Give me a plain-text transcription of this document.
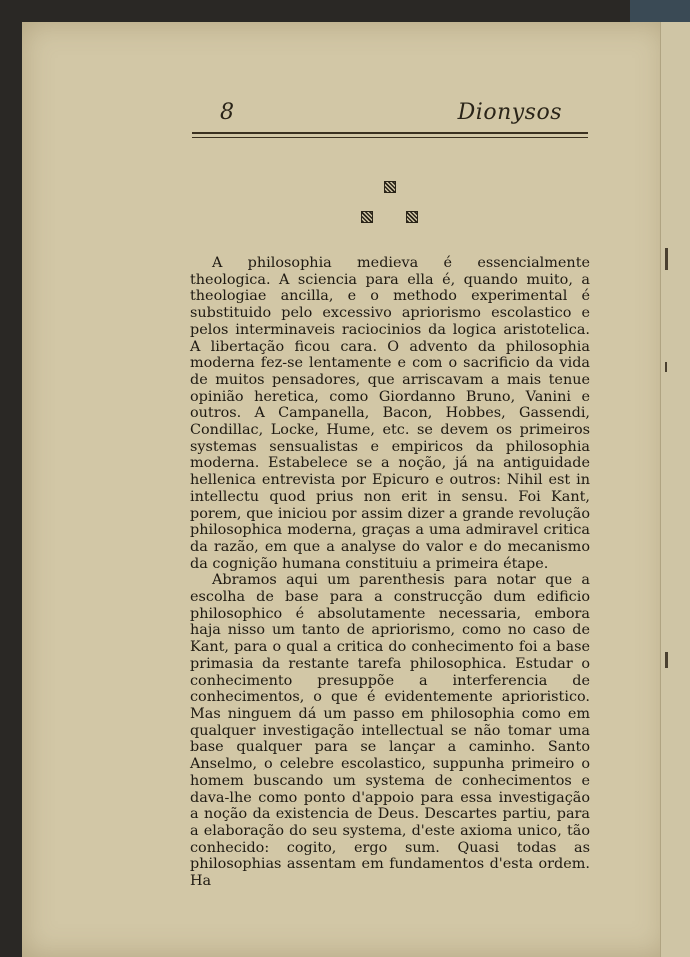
8	Dionysos

A philosophia medieva é essencialmente theologica. A sciencia para ella é, quando muito, a theologiae ancilla, e o methodo experimental é substituido pelo excessivo apriorismo escolastico e pelos interminaveis raciocinios da logica aristotelica. A libertação ficou cara. O advento da philosophia moderna fez-se lentamente e com o sacrificio da vida de muitos pensadores, que arriscavam a mais tenue opinião heretica, como Giordanno Bruno, Vanini e outros. A Campanella, Bacon, Hobbes, Gassendi, Condillac, Locke, Hume, etc. se devem os primeiros systemas sensualistas e empiricos da philosophia moderna. Estabelece se a noção, já na antiguidade hellenica entrevista por Epicuro e outros: Nihil est in intellectu quod prius non erit in sensu. Foi Kant, porem, que iniciou por assim dizer a grande revolução philosophica moderna, graças a uma admiravel critica da razão, em que a analyse do valor e do mecanismo da cognição humana constituiu a primeira étape.

Abramos aqui um parenthesis para notar que a escolha de base para a construcção dum edificio philosophico é absolutamente necessaria, embora haja nisso um tanto de apriorismo, como no caso de Kant, para o qual a critica do conhecimento foi a base primasia da restante tarefa philosophica. Estudar o conhecimento presuppõe a interferencia de conhecimentos, o que é evidentemente aprioristico. Mas ninguem dá um passo em philosophia como em qualquer investigação intellectual se não tomar uma base qualquer para se lançar a caminho. Santo Anselmo, o celebre escolastico, suppunha primeiro o homem buscando um systema de conhecimentos e dava-lhe como ponto d'appoio para essa investigação a noção da existencia de Deus. Descartes partiu, para a elaboração do seu systema, d'este axioma unico, tão conhecido: cogito, ergo sum. Quasi todas as philosophias assentam em fundamentos d'esta ordem. Ha
